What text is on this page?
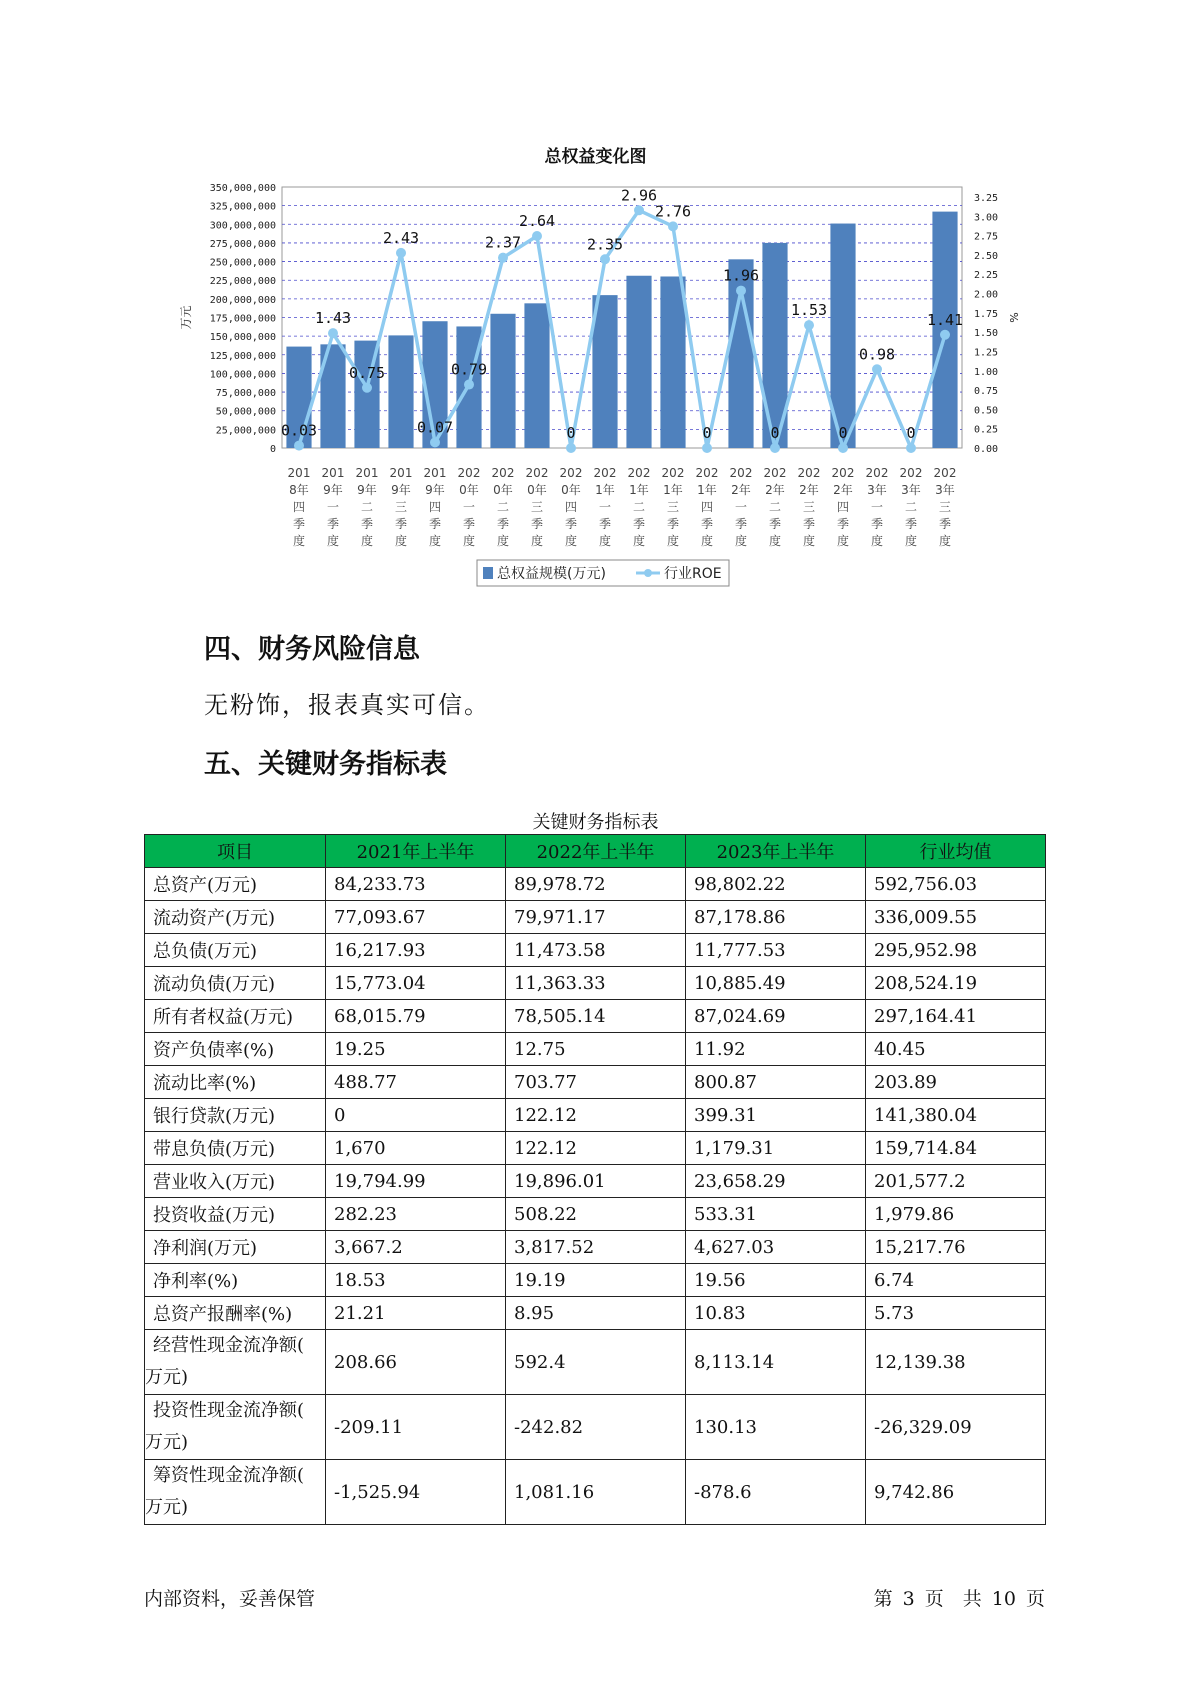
总权益变化图
350,000,000
325,000,000
300,000,000
275,000,000
250,000,000
225,000,000
200,000,000
175,000,000
150,000,000
125,000,000
100,000,000
75,000,000
50,000,000
25,000,000
0
3.25
3.00
2.75
2.50
2.25
2.00
1.75
1.50
1.25
1.00
0.75
0.50
0.25
0.00
万元	%
0.03
1.43
0.75
2.43
0.07
0.79
2.37
2.64
0
2.35
2.96
2.76
0
1.96
0
1.53
0
0.98
0
1.41
201
8年
四
季
度
201
9年
一
季
度
201
9年
二
季
度
201
9年
三
季
度
201
9年
四
季
度
202
0年
一
季
度
202
0年
二
季
度
202
0年
三
季
度
202
0年
四
季
度
202
1年
一
季
度
202
1年
二
季
度
202
1年
三
季
度
202
1年
四
季
度
202
2年
一
季
度
202
2年
二
季
度
202
2年
三
季
度
202
2年
四
季
度
202
3年
一
季
度
202
3年
二
季
度
202
3年
三
季
度
总权益规模(万元)	行业ROE
四、财务风险信息
无粉饰，报表真实可信。
五、关键财务指标表
关键财务指标表
项目	2021年上半年	2022年上半年	2023年上半年	行业均值
总资产(万元)	84,233.73	89,978.72	98,802.22	592,756.03
流动资产(万元)	77,093.67	79,971.17	87,178.86	336,009.55
总负债(万元)	16,217.93	11,473.58	11,777.53	295,952.98
流动负债(万元)	15,773.04	11,363.33	10,885.49	208,524.19
所有者权益(万元)	68,015.79	78,505.14	87,024.69	297,164.41
资产负债率(%)	19.25	12.75	11.92	40.45
流动比率(%)	488.77	703.77	800.87	203.89
银行贷款(万元)	0	122.12	399.31	141,380.04
带息负债(万元)	1,670	122.12	1,179.31	159,714.84
营业收入(万元)	19,794.99	19,896.01	23,658.29	201,577.2
投资收益(万元)	282.23	508.22	533.31	1,979.86
净利润(万元)	3,667.2	3,817.52	4,627.03	15,217.76
净利率(%)	18.53	19.19	19.56	6.74
总资产报酬率(%)	21.21	8.95	10.83	5.73
经营性现金流净额(

万元)	208.66	592.4	8,113.14	12,139.38
投资性现金流净额(

万元)	-209.11	-242.82	130.13	-26,329.09
筹资性现金流净额(

万元)	-1,525.94	1,081.16	-878.6	9,742.86
内部资料，妥善保管	第 3 页　共 10 页
